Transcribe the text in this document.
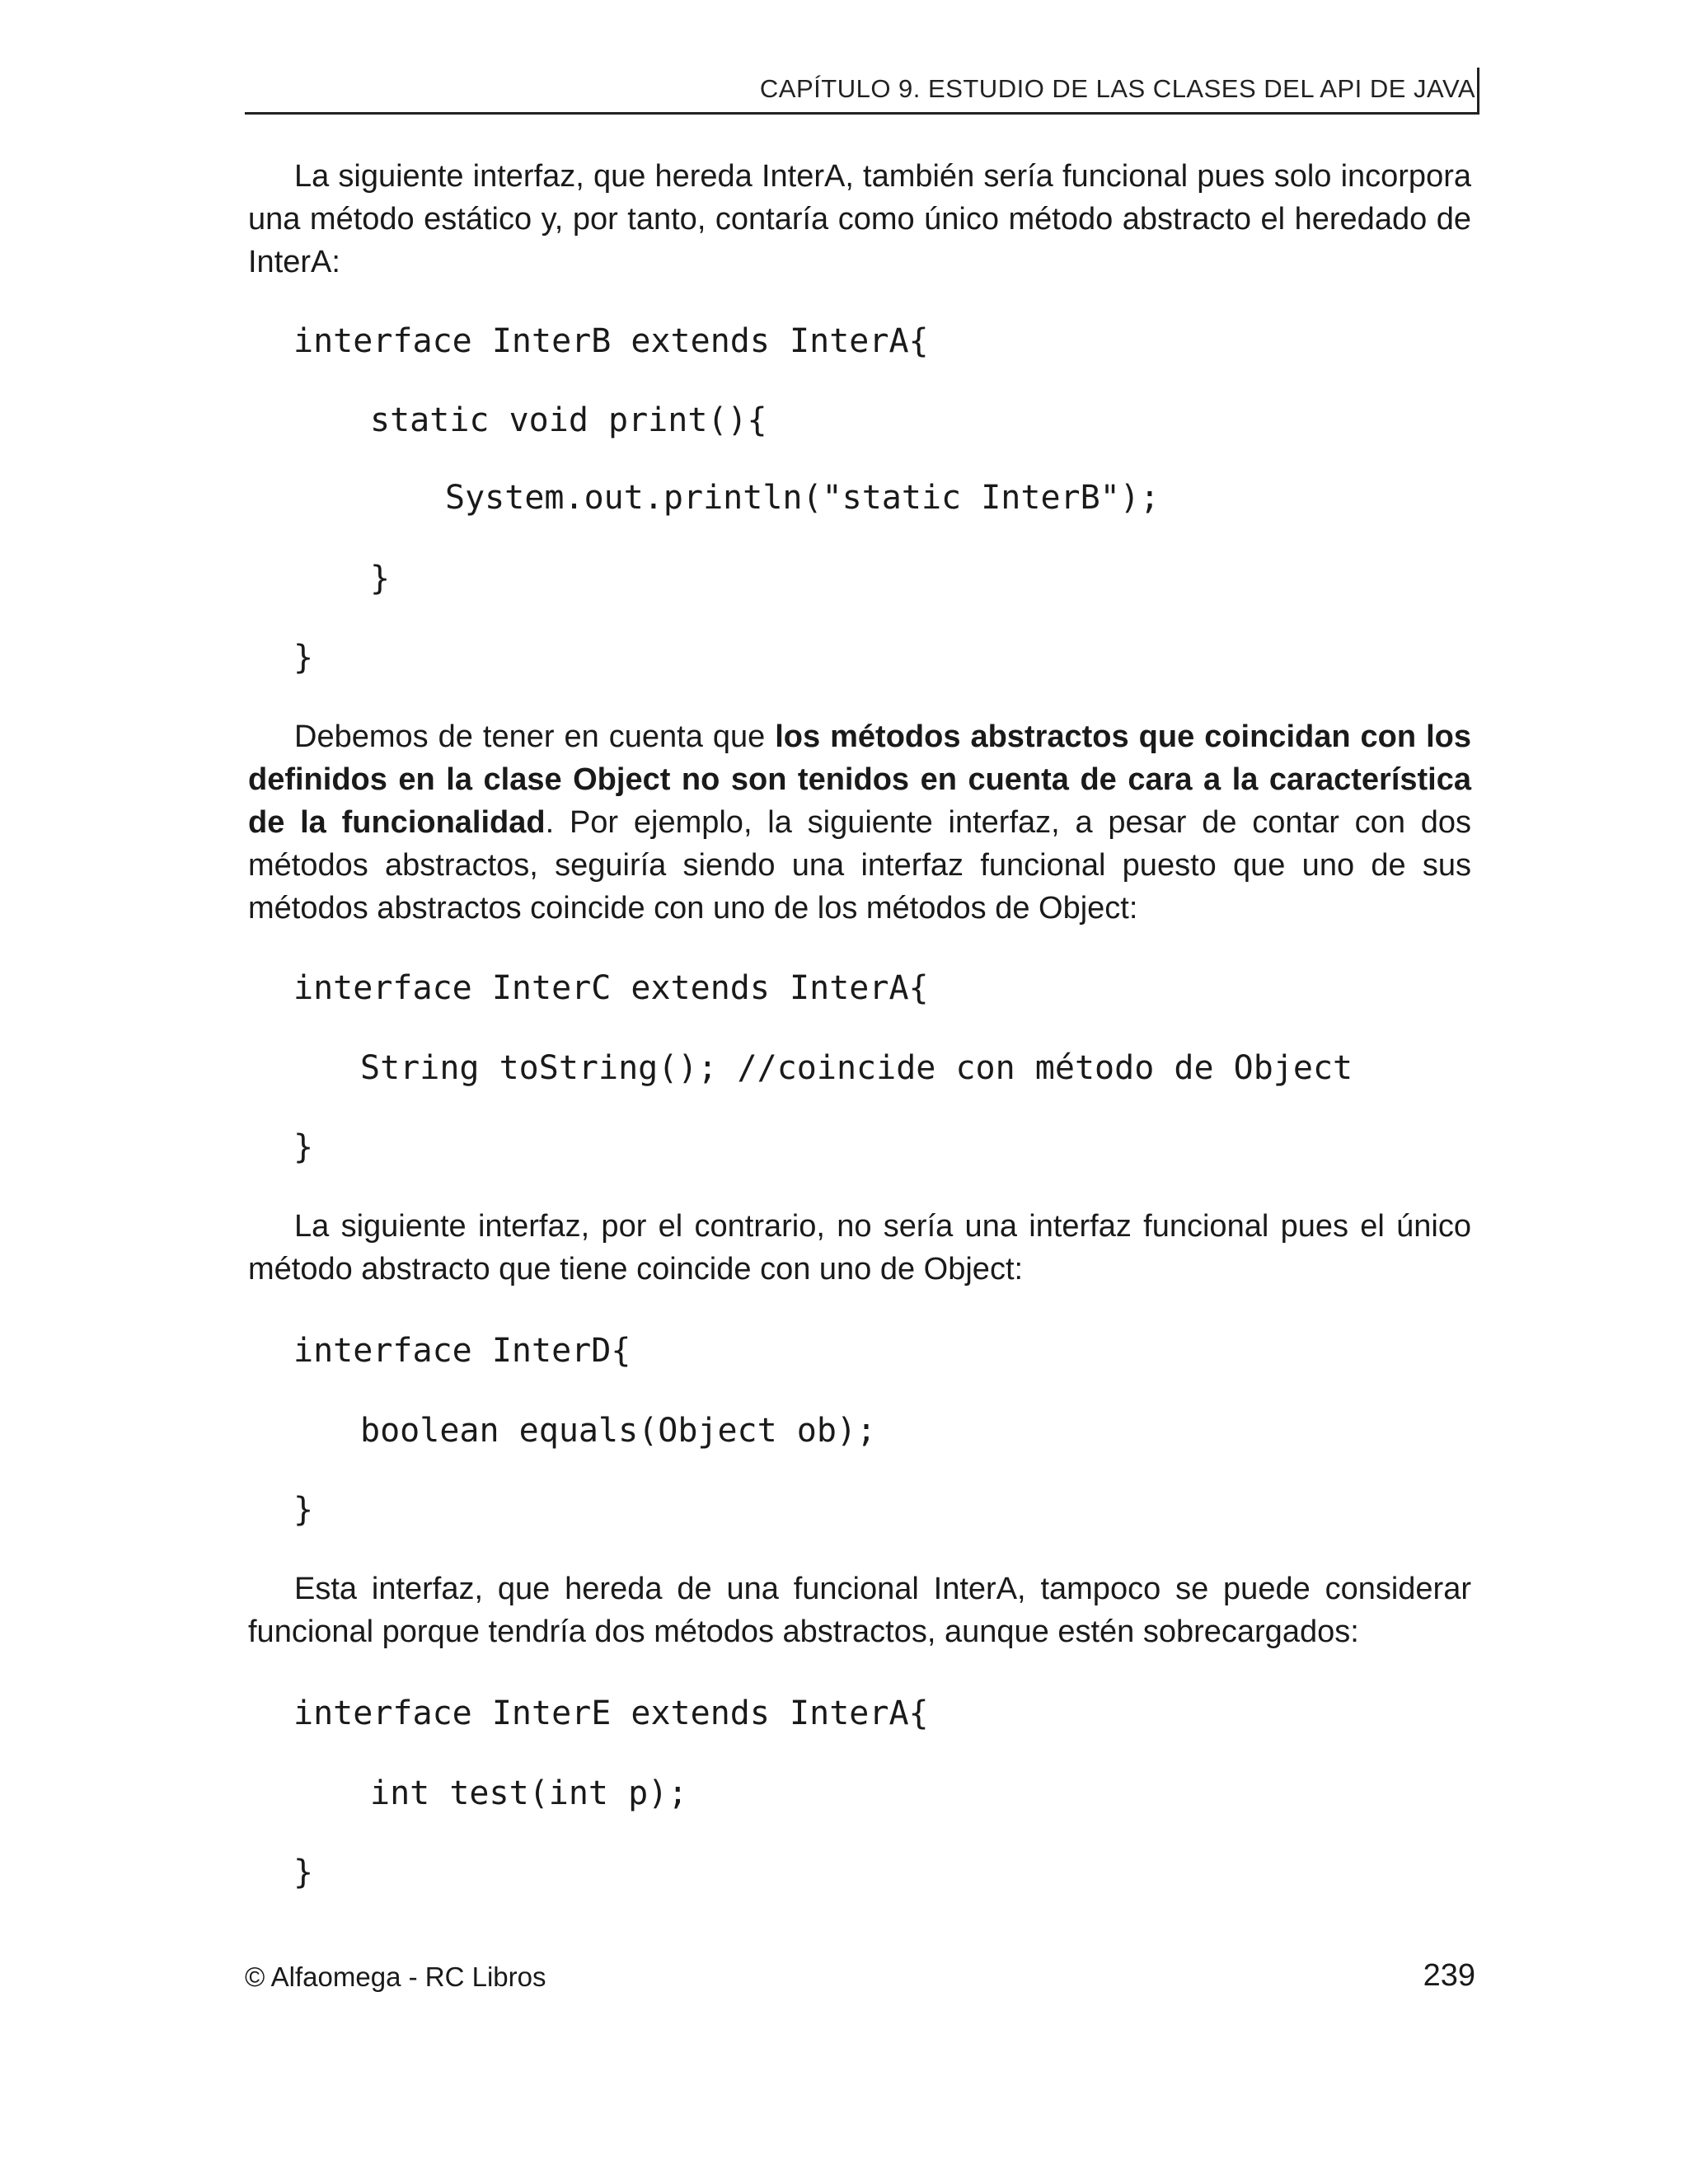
CAPÍTULO 9. ESTUDIO DE LAS CLASES DEL API DE JAVA
La siguiente interfaz, que hereda InterA, también sería funcional pues solo incorpora una método estático y, por tanto, contaría como único método abstracto el heredado de InterA:
interface InterB extends InterA{
static void print(){
System.out.println("static InterB");
}
}
Debemos de tener en cuenta que los métodos abstractos que coincidan con los definidos en la clase Object no son tenidos en cuenta de cara a la característica de la funcionalidad. Por ejemplo, la siguiente interfaz, a pesar de contar con dos métodos abstractos, seguiría siendo una interfaz funcional puesto que uno de sus métodos abstractos coincide con uno de los métodos de Object:
interface InterC extends InterA{
String toString(); //coincide con método de Object
}
La siguiente interfaz, por el contrario, no sería una interfaz funcional pues el único método abstracto que tiene coincide con uno de Object:
interface InterD{
boolean equals(Object ob);
}
Esta interfaz, que hereda de una funcional InterA, tampoco se puede considerar funcional porque tendría dos métodos abstractos, aunque estén sobrecargados:
interface InterE extends InterA{
int test(int p);
}
© Alfaomega - RC Libros	239
